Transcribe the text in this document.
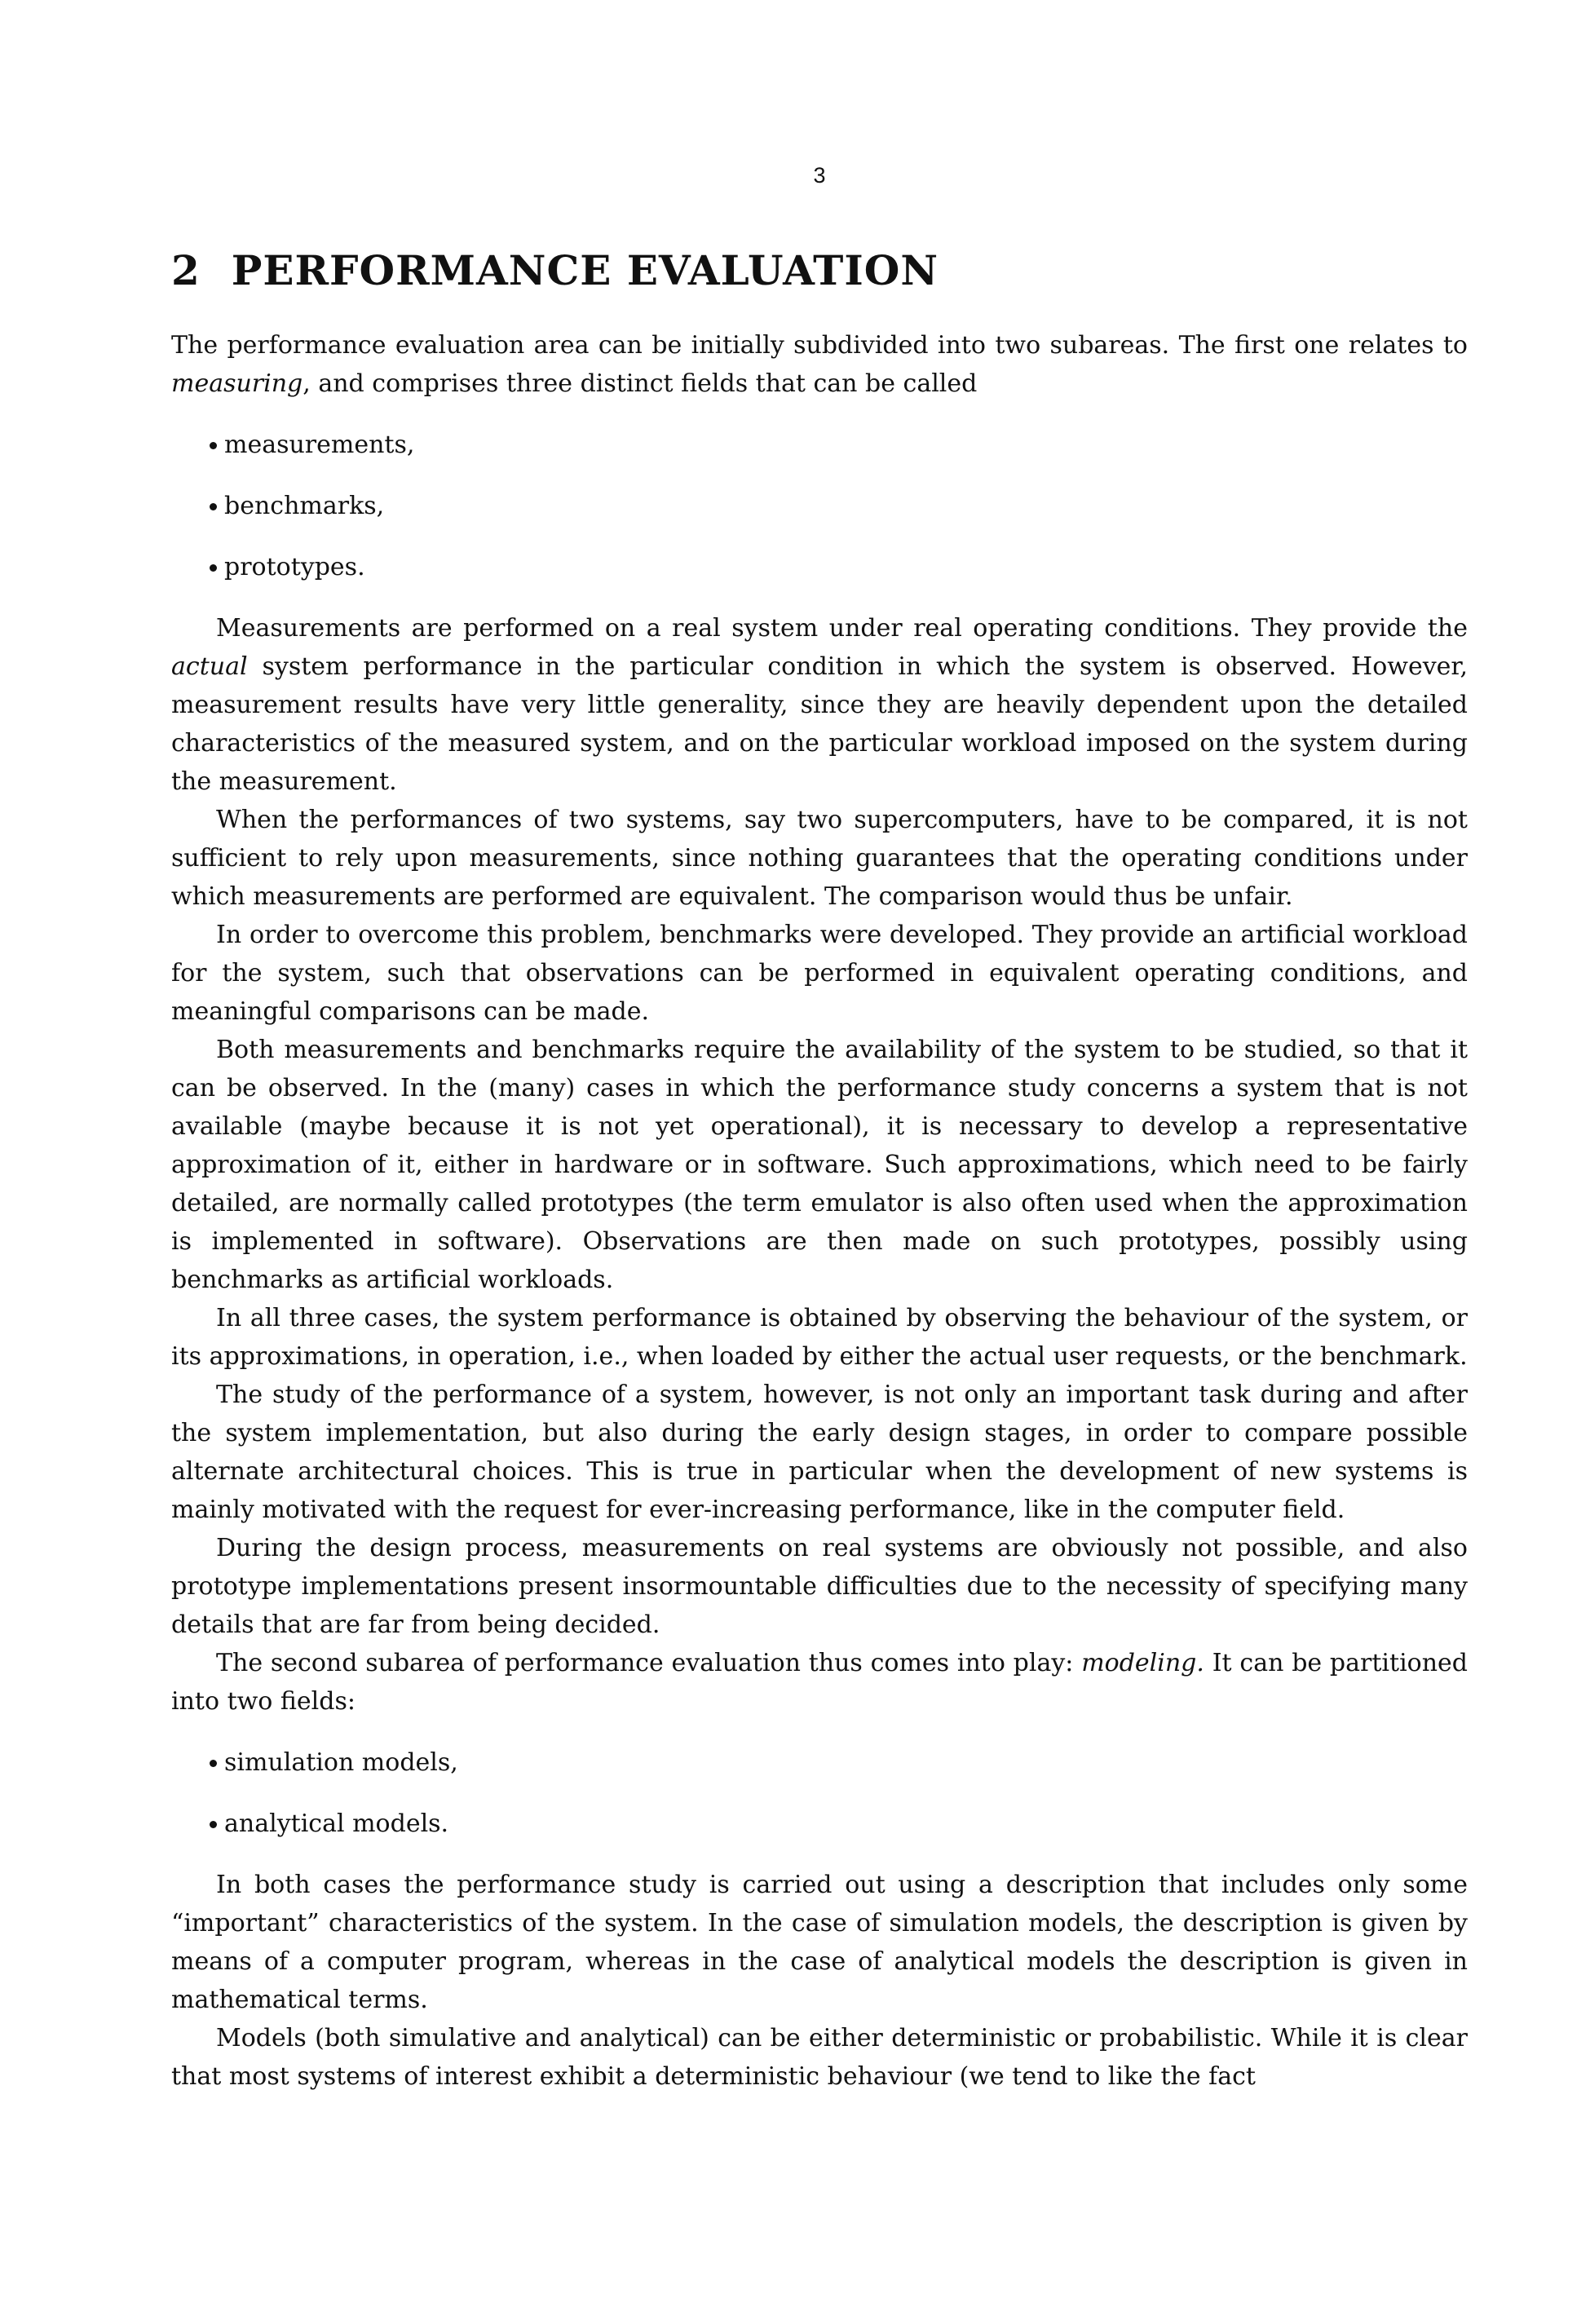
3
2 PERFORMANCE EVALUATION

The performance evaluation area can be initially subdivided into two subareas. The first one relates to measuring, and comprises three distinct fields that can be called

measurements,
benchmarks,
prototypes.

Measurements are performed on a real system under real operating conditions. They provide the actual system performance in the particular condition in which the system is observed. However, measurement results have very little generality, since they are heavily dependent upon the detailed characteristics of the measured system, and on the particular workload imposed on the system during the measurement.

When the performances of two systems, say two supercomputers, have to be compared, it is not sufficient to rely upon measurements, since nothing guarantees that the operating conditions under which measurements are performed are equivalent. The comparison would thus be unfair.

In order to overcome this problem, benchmarks were developed. They provide an artificial workload for the system, such that observations can be performed in equivalent operating conditions, and meaningful comparisons can be made.

Both measurements and benchmarks require the availability of the system to be studied, so that it can be observed. In the (many) cases in which the performance study concerns a system that is not available (maybe because it is not yet operational), it is necessary to develop a representative approximation of it, either in hardware or in software. Such approximations, which need to be fairly detailed, are normally called prototypes (the term emulator is also often used when the approximation is implemented in software). Observations are then made on such prototypes, possibly using benchmarks as artificial workloads.

In all three cases, the system performance is obtained by observing the behaviour of the system, or its approximations, in operation, i.e., when loaded by either the actual user requests, or the benchmark.

The study of the performance of a system, however, is not only an important task during and after the system implementation, but also during the early design stages, in order to compare possible alternate architectural choices. This is true in particular when the development of new systems is mainly motivated with the request for ever-increasing performance, like in the computer field.

During the design process, measurements on real systems are obviously not possible, and also prototype implementations present insormountable difficulties due to the necessity of specifying many details that are far from being decided.

The second subarea of performance evaluation thus comes into play: modeling. It can be partitioned into two fields:

simulation models,
analytical models.

In both cases the performance study is carried out using a description that includes only some “important” characteristics of the system. In the case of simulation models, the description is given by means of a computer program, whereas in the case of analytical models the description is given in mathematical terms.

Models (both simulative and analytical) can be either deterministic or probabilistic. While it is clear that most systems of interest exhibit a deterministic behaviour (we tend to like the fact
